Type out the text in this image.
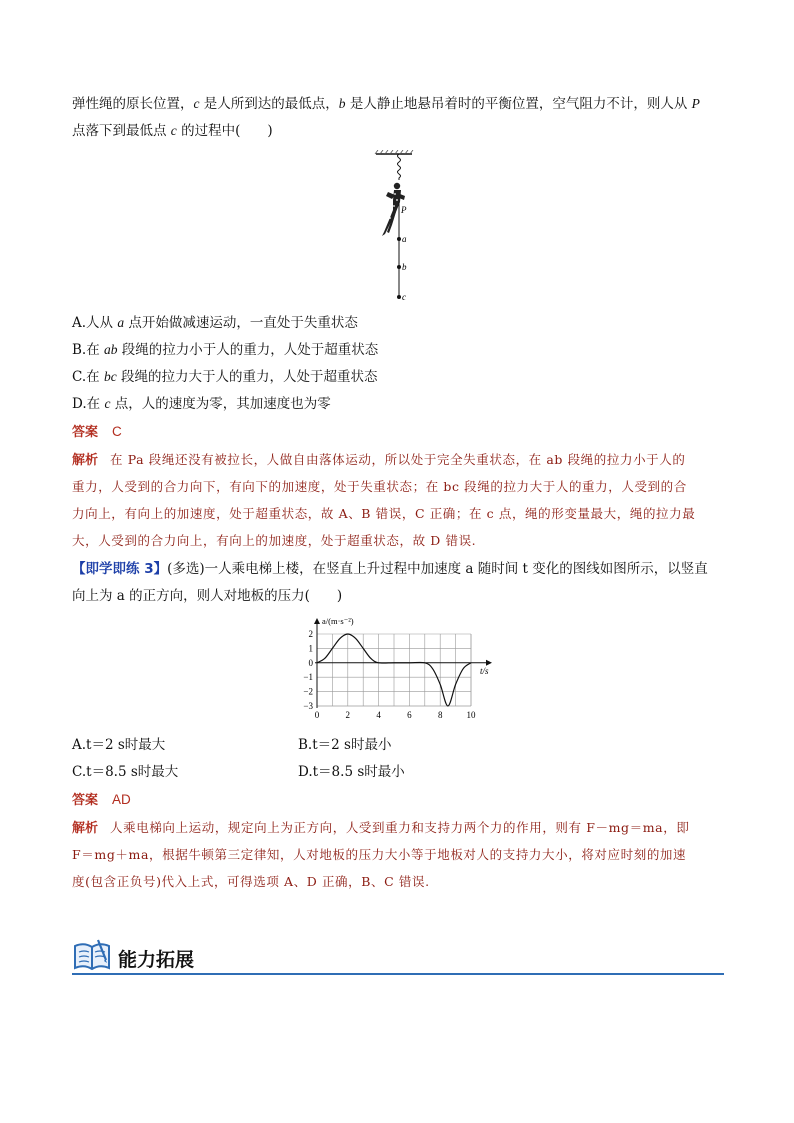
弹性绳的原长位置，c 是人所到达的最低点，b 是人静止地悬吊着时的平衡位置，空气阻力不计，则人从 P
点落下到最低点 c 的过程中(　　)
P
a
b
c
A.人从 a 点开始做减速运动，一直处于失重状态
B.在 ab 段绳的拉力小于人的重力，人处于超重状态
C.在 bc 段绳的拉力大于人的重力，人处于超重状态
D.在 c 点，人的速度为零，其加速度也为零
答案 C
解析 在 Pa 段绳还没有被拉长，人做自由落体运动，所以处于完全失重状态，在 ab 段绳的拉力小于人的
重力，人受到的合力向下，有向下的加速度，处于失重状态；在 bc 段绳的拉力大于人的重力，人受到的合
力向上，有向上的加速度，处于超重状态，故 A、B 错误，C 正确；在 c 点，绳的形变量最大，绳的拉力最
大，人受到的合力向上，有向上的加速度，处于超重状态，故 D 错误.
【即学即练 3】(多选)一人乘电梯上楼，在竖直上升过程中加速度 a 随时间 t 变化的图线如图所示，以竖直
向上为 a 的正方向，则人对地板的压力(　　)
2
1
0
−1
−2
−3
0	2	4	6	8	10
a/(m·s⁻²)
t/s
A.t＝2 s时最大	B.t＝2 s时最小
C.t＝8.5 s时最大	D.t＝8.5 s时最小
答案 AD
解析 人乘电梯向上运动，规定向上为正方向，人受到重力和支持力两个力的作用，则有 F－mg＝ma，即
F＝mg＋ma，根据牛顿第三定律知，人对地板的压力大小等于地板对人的支持力大小，将对应时刻的加速
度(包含正负号)代入上式，可得选项 A、D 正确，B、C 错误.
能力拓展
